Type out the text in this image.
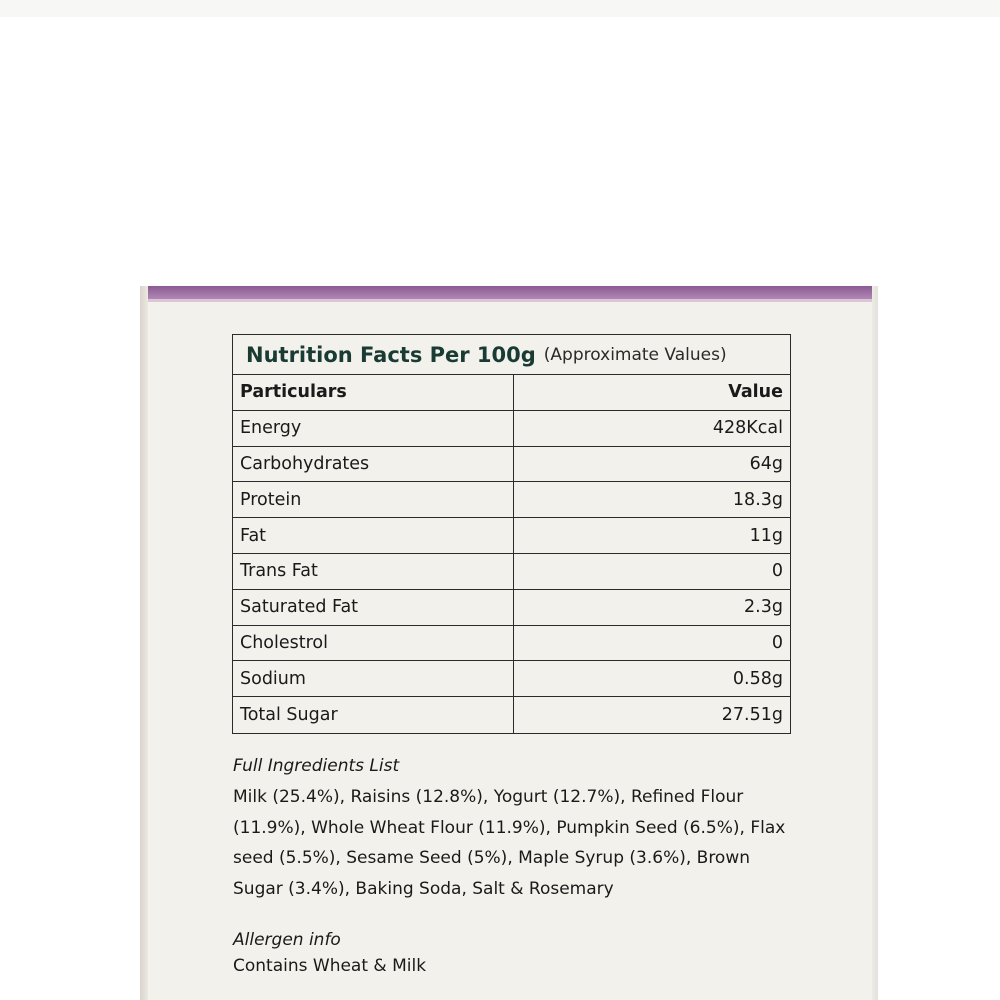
Nutrition Facts Per 100g (Approximate Values)
Particulars	Value
Energy	428Kcal
Carbohydrates	64g
Protein	18.3g
Fat	11g
Trans Fat	0
Saturated Fat	2.3g
Cholestrol	0
Sodium	0.58g
Total Sugar	27.51g

Full Ingredients List

Milk (25.4%), Raisins (12.8%), Yogurt (12.7%), Refined Flour (11.9%), Whole Wheat Flour (11.9%), Pumpkin Seed (6.5%), Flax seed (5.5%), Sesame Seed (5%), Maple Syrup (3.6%), Brown Sugar (3.4%), Baking Soda, Salt & Rosemary

Allergen info

Contains Wheat & Milk
